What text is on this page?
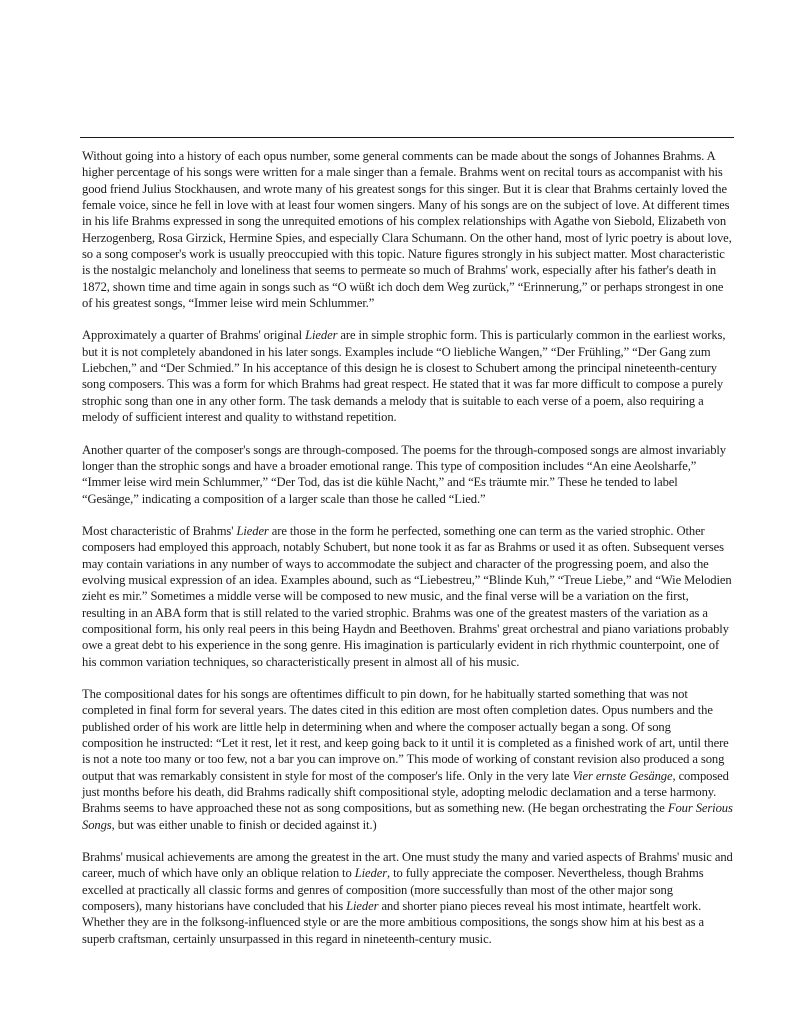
Without going into a history of each opus number, some general comments can be made about the songs of Johannes Brahms. A higher percentage of his songs were written for a male singer than a female. Brahms went on recital tours as accompanist with his good friend Julius Stockhausen, and wrote many of his greatest songs for this singer. But it is clear that Brahms certainly loved the female voice, since he fell in love with at least four women singers. Many of his songs are on the subject of love. At different times in his life Brahms expressed in song the unrequited emotions of his complex relationships with Agathe von Siebold, Elizabeth von Herzogenberg, Rosa Girzick, Hermine Spies, and especially Clara Schumann. On the other hand, most of lyric poetry is about love, so a song composer's work is usually preoccupied with this topic. Nature figures strongly in his subject matter. Most characteristic is the nostalgic melancholy and loneliness that seems to permeate so much of Brahms' work, especially after his father's death in 1872, shown time and time again in songs such as “O wüßt ich doch dem Weg zurück,” “Erinnerung,” or perhaps strongest in one of his greatest songs, “Immer leise wird mein Schlummer.”

Approximately a quarter of Brahms' original Lieder are in simple strophic form. This is particularly common in the earliest works, but it is not completely abandoned in his later songs. Examples include “O liebliche Wangen,” “Der Frühling,” “Der Gang zum Liebchen,” and “Der Schmied.” In his acceptance of this design he is closest to Schubert among the principal nineteenth-century song composers. This was a form for which Brahms had great respect. He stated that it was far more difficult to compose a purely strophic song than one in any other form. The task demands a melody that is suitable to each verse of a poem, also requiring a melody of sufficient interest and quality to withstand repetition.

Another quarter of the composer's songs are through-composed. The poems for the through-composed songs are almost invariably longer than the strophic songs and have a broader emotional range. This type of composition includes “An eine Aeolsharfe,” “Immer leise wird mein Schlummer,” “Der Tod, das ist die kühle Nacht,” and “Es träumte mir.” These he tended to label “Gesänge,” indicating a composition of a larger scale than those he called “Lied.”

Most characteristic of Brahms' Lieder are those in the form he perfected, something one can term as the varied strophic. Other composers had employed this approach, notably Schubert, but none took it as far as Brahms or used it as often. Subsequent verses may contain variations in any number of ways to accommodate the subject and character of the progressing poem, and also the evolving musical expression of an idea. Examples abound, such as “Liebestreu,” “Blinde Kuh,” “Treue Liebe,” and “Wie Melodien zieht es mir.” Sometimes a middle verse will be composed to new music, and the final verse will be a variation on the first, resulting in an ABA form that is still related to the varied strophic. Brahms was one of the greatest masters of the variation as a compositional form, his only real peers in this being Haydn and Beethoven. Brahms' great orchestral and piano variations probably owe a great debt to his experience in the song genre. His imagination is particularly evident in rich rhythmic counterpoint, one of his common variation techniques, so characteristically present in almost all of his music.

The compositional dates for his songs are oftentimes difficult to pin down, for he habitually started something that was not completed in final form for several years. The dates cited in this edition are most often completion dates. Opus numbers and the published order of his work are little help in determining when and where the composer actually began a song. Of song composition he instructed: “Let it rest, let it rest, and keep going back to it until it is completed as a finished work of art, until there is not a note too many or too few, not a bar you can improve on.” This mode of working of constant revision also produced a song output that was remarkably consistent in style for most of the composer's life. Only in the very late Vier ernste Gesänge, composed just months before his death, did Brahms radically shift compositional style, adopting melodic declamation and a terse harmony. Brahms seems to have approached these not as song compositions, but as something new. (He began orchestrating the Four Serious Songs, but was either unable to finish or decided against it.)

Brahms' musical achievements are among the greatest in the art. One must study the many and varied aspects of Brahms' music and career, much of which have only an oblique relation to Lieder, to fully appreciate the composer. Nevertheless, though Brahms excelled at practically all classic forms and genres of composition (more successfully than most of the other major song composers), many historians have concluded that his Lieder and shorter piano pieces reveal his most intimate, heartfelt work. Whether they are in the folksong-influenced style or are the more ambitious compositions, the songs show him at his best as a superb craftsman, certainly unsurpassed in this regard in nineteenth-century music.
